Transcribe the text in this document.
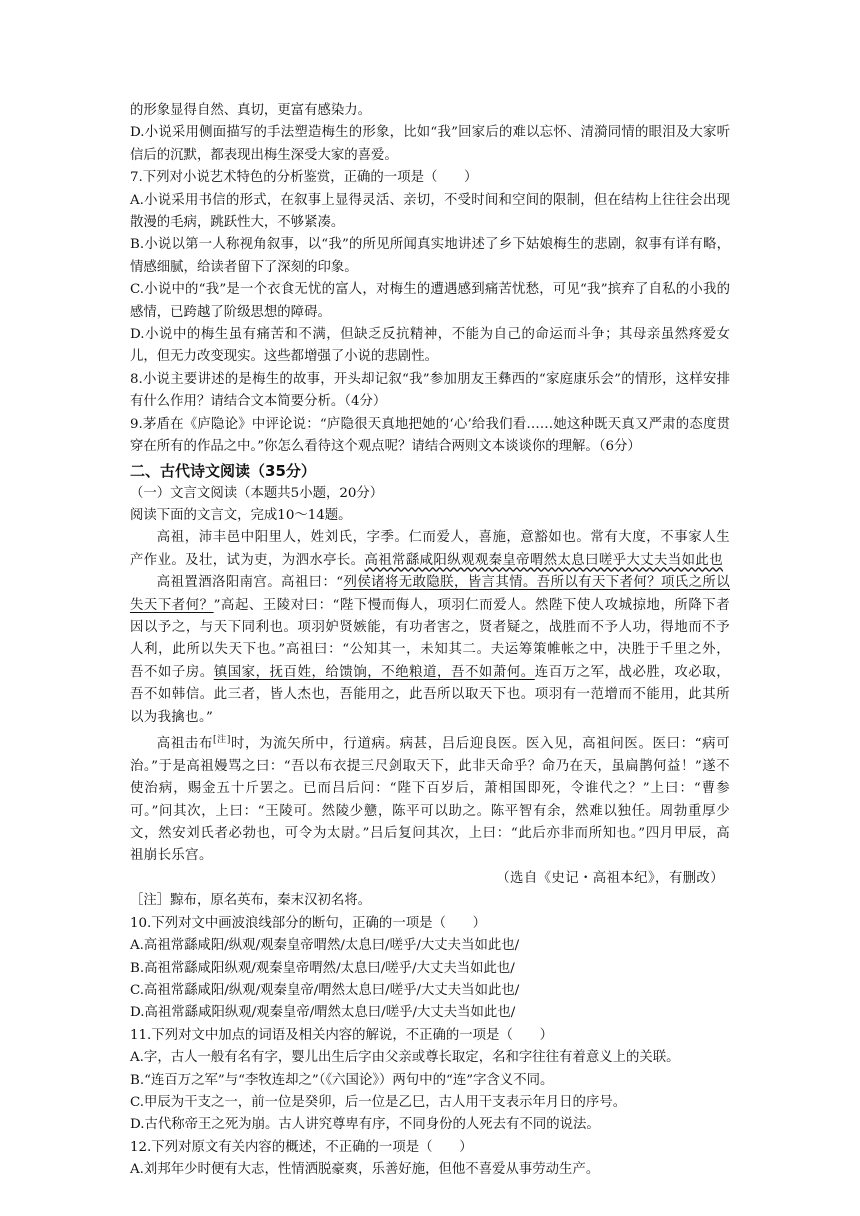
的形象显得自然、真切，更富有感染力。

D.小说采用侧面描写的手法塑造梅生的形象，比如“我”回家后的难以忘怀、清漪同情的眼泪及大家听信后的沉默，都表现出梅生深受大家的喜爱。

7.下列对小说艺术特色的分析鉴赏，正确的一项是（　　）

A.小说采用书信的形式，在叙事上显得灵活、亲切，不受时间和空间的限制，但在结构上往往会出现散漫的毛病，跳跃性大，不够紧凑。

B.小说以第一人称视角叙事，以“我”的所见所闻真实地讲述了乡下姑娘梅生的悲剧，叙事有详有略，情感细腻，给读者留下了深刻的印象。

C.小说中的“我”是一个衣食无忧的富人，对梅生的遭遇感到痛苦忧愁，可见“我”摈弃了自私的小我的感情，已跨越了阶级思想的障碍。

D.小说中的梅生虽有痛苦和不满，但缺乏反抗精神，不能为自己的命运而斗争；其母亲虽然疼爱女儿，但无力改变现实。这些都增强了小说的悲剧性。

8.小说主要讲述的是梅生的故事，开头却记叙“我”参加朋友王彝西的“家庭康乐会”的情形，这样安排有什么作用？请结合文本简要分析。（4分）

9.茅盾在《庐隐论》中评论说：“庐隐很天真地把她的‘心’给我们看……她这种既天真又严肃的态度贯穿在所有的作品之中。”你怎么看待这个观点呢？请结合两则文本谈谈你的理解。（6分）

二、古代诗文阅读（35分）

（一）文言文阅读（本题共5小题，20分）

阅读下面的文言文，完成10～14题。

高祖，沛丰邑中阳里人，姓刘氏，字季。仁而爱人，喜施，意豁如也。常有大度，不事家人生产作业。及壮，试为吏，为泗水亭长。高祖常繇咸阳纵观观秦皇帝喟然太息曰嗟乎大丈夫当如此也

高祖置酒洛阳南宫。高祖曰：“列侯诸将无敢隐朕，皆言其情。吾所以有天下者何？项氏之所以失天下者何？”高起、王陵对曰：“陛下慢而侮人，项羽仁而爱人。然陛下使人攻城掠地，所降下者因以予之，与天下同利也。项羽妒贤嫉能，有功者害之，贤者疑之，战胜而不予人功，得地而不予人利，此所以失天下也。”高祖曰：“公知其一，未知其二。夫运筹策帷帐之中，决胜于千里之外，吾不如子房。镇国家，抚百姓，给馈饷，不绝粮道，吾不如萧何。连百万之军，战必胜，攻必取，吾不如韩信。此三者，皆人杰也，吾能用之，此吾所以取天下也。项羽有一范增而不能用，此其所以为我擒也。”

高祖击布[注]时，为流矢所中，行道病。病甚，吕后迎良医。医入见，高祖问医。医曰：“病可治。”于是高祖嫚骂之曰：“吾以布衣提三尺剑取天下，此非天命乎？命乃在天，虽扁鹊何益！”遂不使治病，赐金五十斤罢之。已而吕后问：“陛下百岁后，萧相国即死，令谁代之？”上曰：“曹参可。”问其次，上曰：“王陵可。然陵少戆，陈平可以助之。陈平智有余，然难以独任。周勃重厚少文，然安刘氏者必勃也，可令为太尉。”吕后复问其次，上曰：“此后亦非而所知也。”四月甲辰，高祖崩长乐宫。

（选自《史记・高祖本纪》，有删改）

［注］黥布，原名英布，秦末汉初名将。

10.下列对文中画波浪线部分的断句，正确的一项是（　　）

A.高祖常繇咸阳/纵观/观秦皇帝喟然/太息曰/嗟乎/大丈夫当如此也/

B.高祖常繇咸阳纵观/观秦皇帝喟然/太息曰/嗟乎/大丈夫当如此也/

C.高祖常繇咸阳/纵观/观秦皇帝/喟然太息曰/嗟乎/大丈夫当如此也/

D.高祖常繇咸阳纵观/观秦皇帝/喟然太息曰/嗟乎/大丈夫当如此也/

11.下列对文中加点的词语及相关内容的解说，不正确的一项是（　　）

A.字，古人一般有名有字，婴儿出生后字由父亲或尊长取定，名和字往往有着意义上的关联。

B.“连百万之军”与“李牧连却之”（《六国论》）两句中的“连”字含义不同。

C.甲辰为干支之一，前一位是癸卯，后一位是乙巳，古人用干支表示年月日的序号。

D.古代称帝王之死为崩。古人讲究尊卑有序，不同身份的人死去有不同的说法。

12.下列对原文有关内容的概述，不正确的一项是（　　）

A.刘邦年少时便有大志，性情洒脱豪爽，乐善好施，但他不喜爱从事劳动生产。
